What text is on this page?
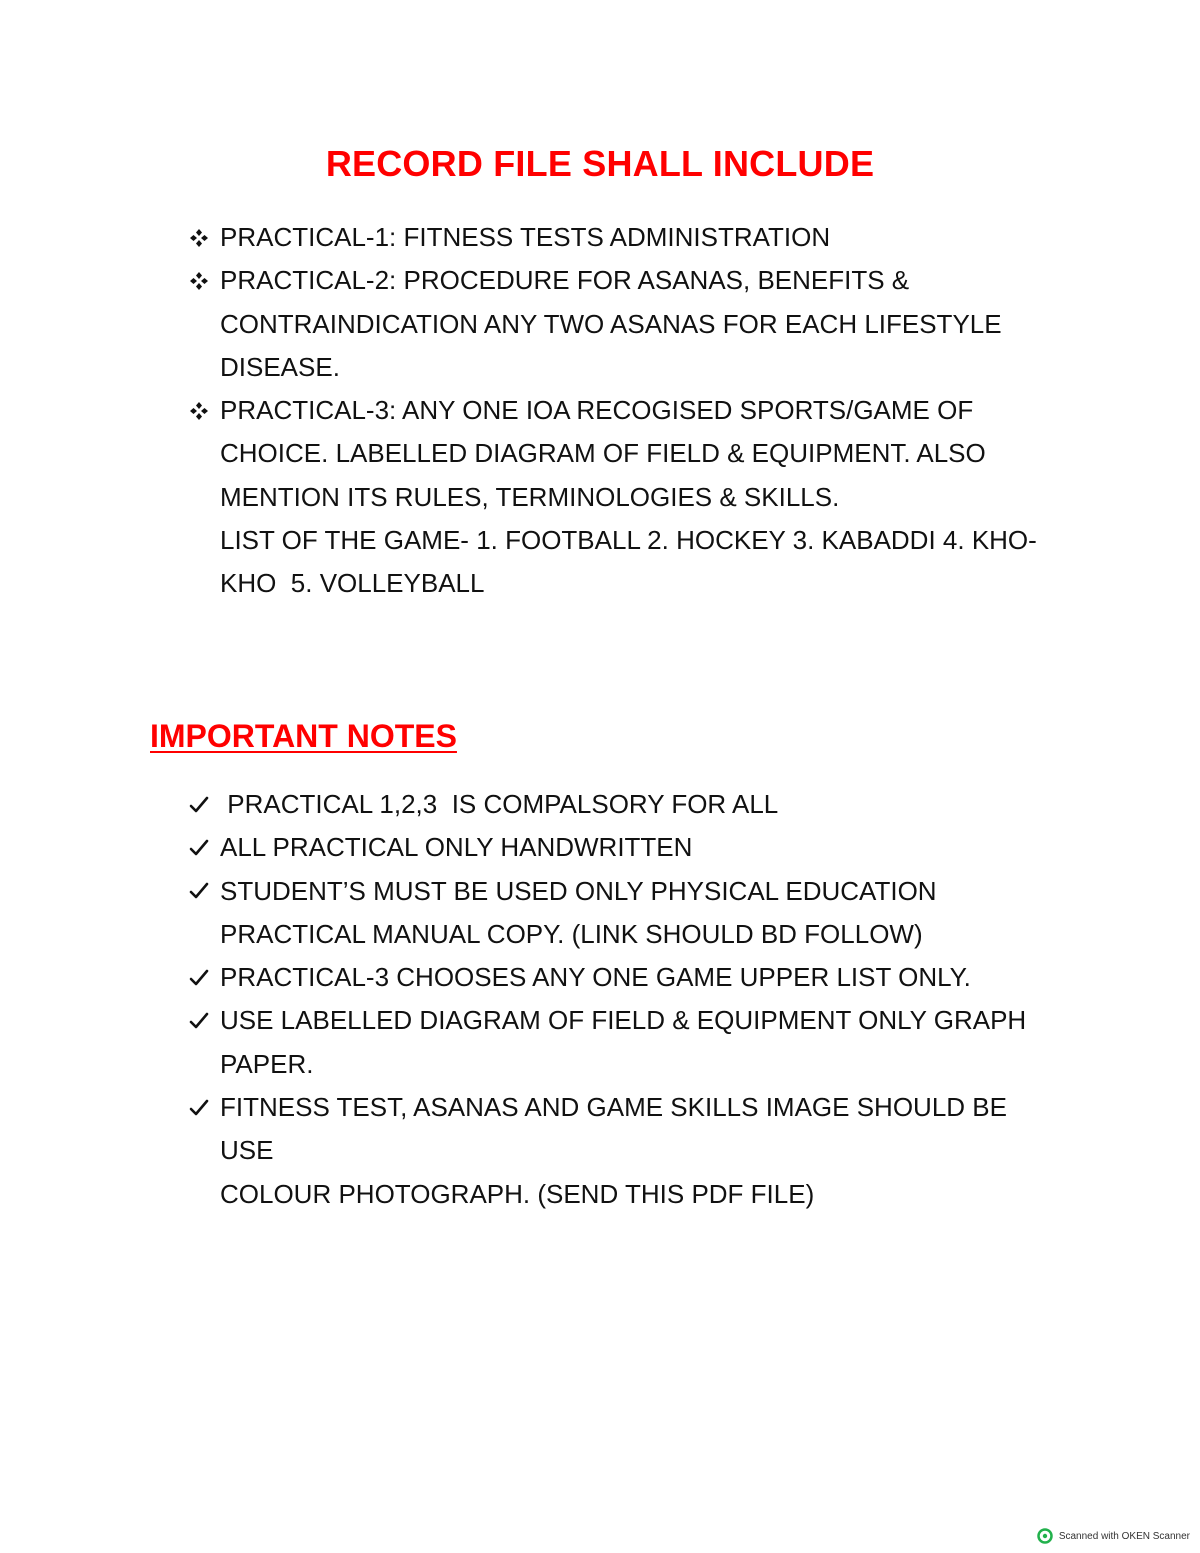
RECORD FILE SHALL INCLUDE
PRACTICAL-1: FITNESS TESTS ADMINISTRATION
PRACTICAL-2: PROCEDURE FOR ASANAS, BENEFITS &
CONTRAINDICATION ANY TWO ASANAS FOR EACH LIFESTYLE
DISEASE.
PRACTICAL-3: ANY ONE IOA RECOGISED SPORTS/GAME OF
CHOICE. LABELLED DIAGRAM OF FIELD & EQUIPMENT. ALSO
MENTION ITS RULES, TERMINOLOGIES & SKILLS.
LIST OF THE GAME- 1. FOOTBALL 2. HOCKEY 3. KABADDI 4. KHO-
KHO  5. VOLLEYBALL
IMPORTANT NOTES
PRACTICAL 1,2,3  IS COMPALSORY FOR ALL
ALL PRACTICAL ONLY HANDWRITTEN
STUDENT’S MUST BE USED ONLY PHYSICAL EDUCATION
PRACTICAL MANUAL COPY. (LINK SHOULD BD FOLLOW)
PRACTICAL-3 CHOOSES ANY ONE GAME UPPER LIST ONLY.
USE LABELLED DIAGRAM OF FIELD & EQUIPMENT ONLY GRAPH
PAPER.
FITNESS TEST, ASANAS AND GAME SKILLS IMAGE SHOULD BE USE
COLOUR PHOTOGRAPH. (SEND THIS PDF FILE)
Scanned with OKEN Scanner
